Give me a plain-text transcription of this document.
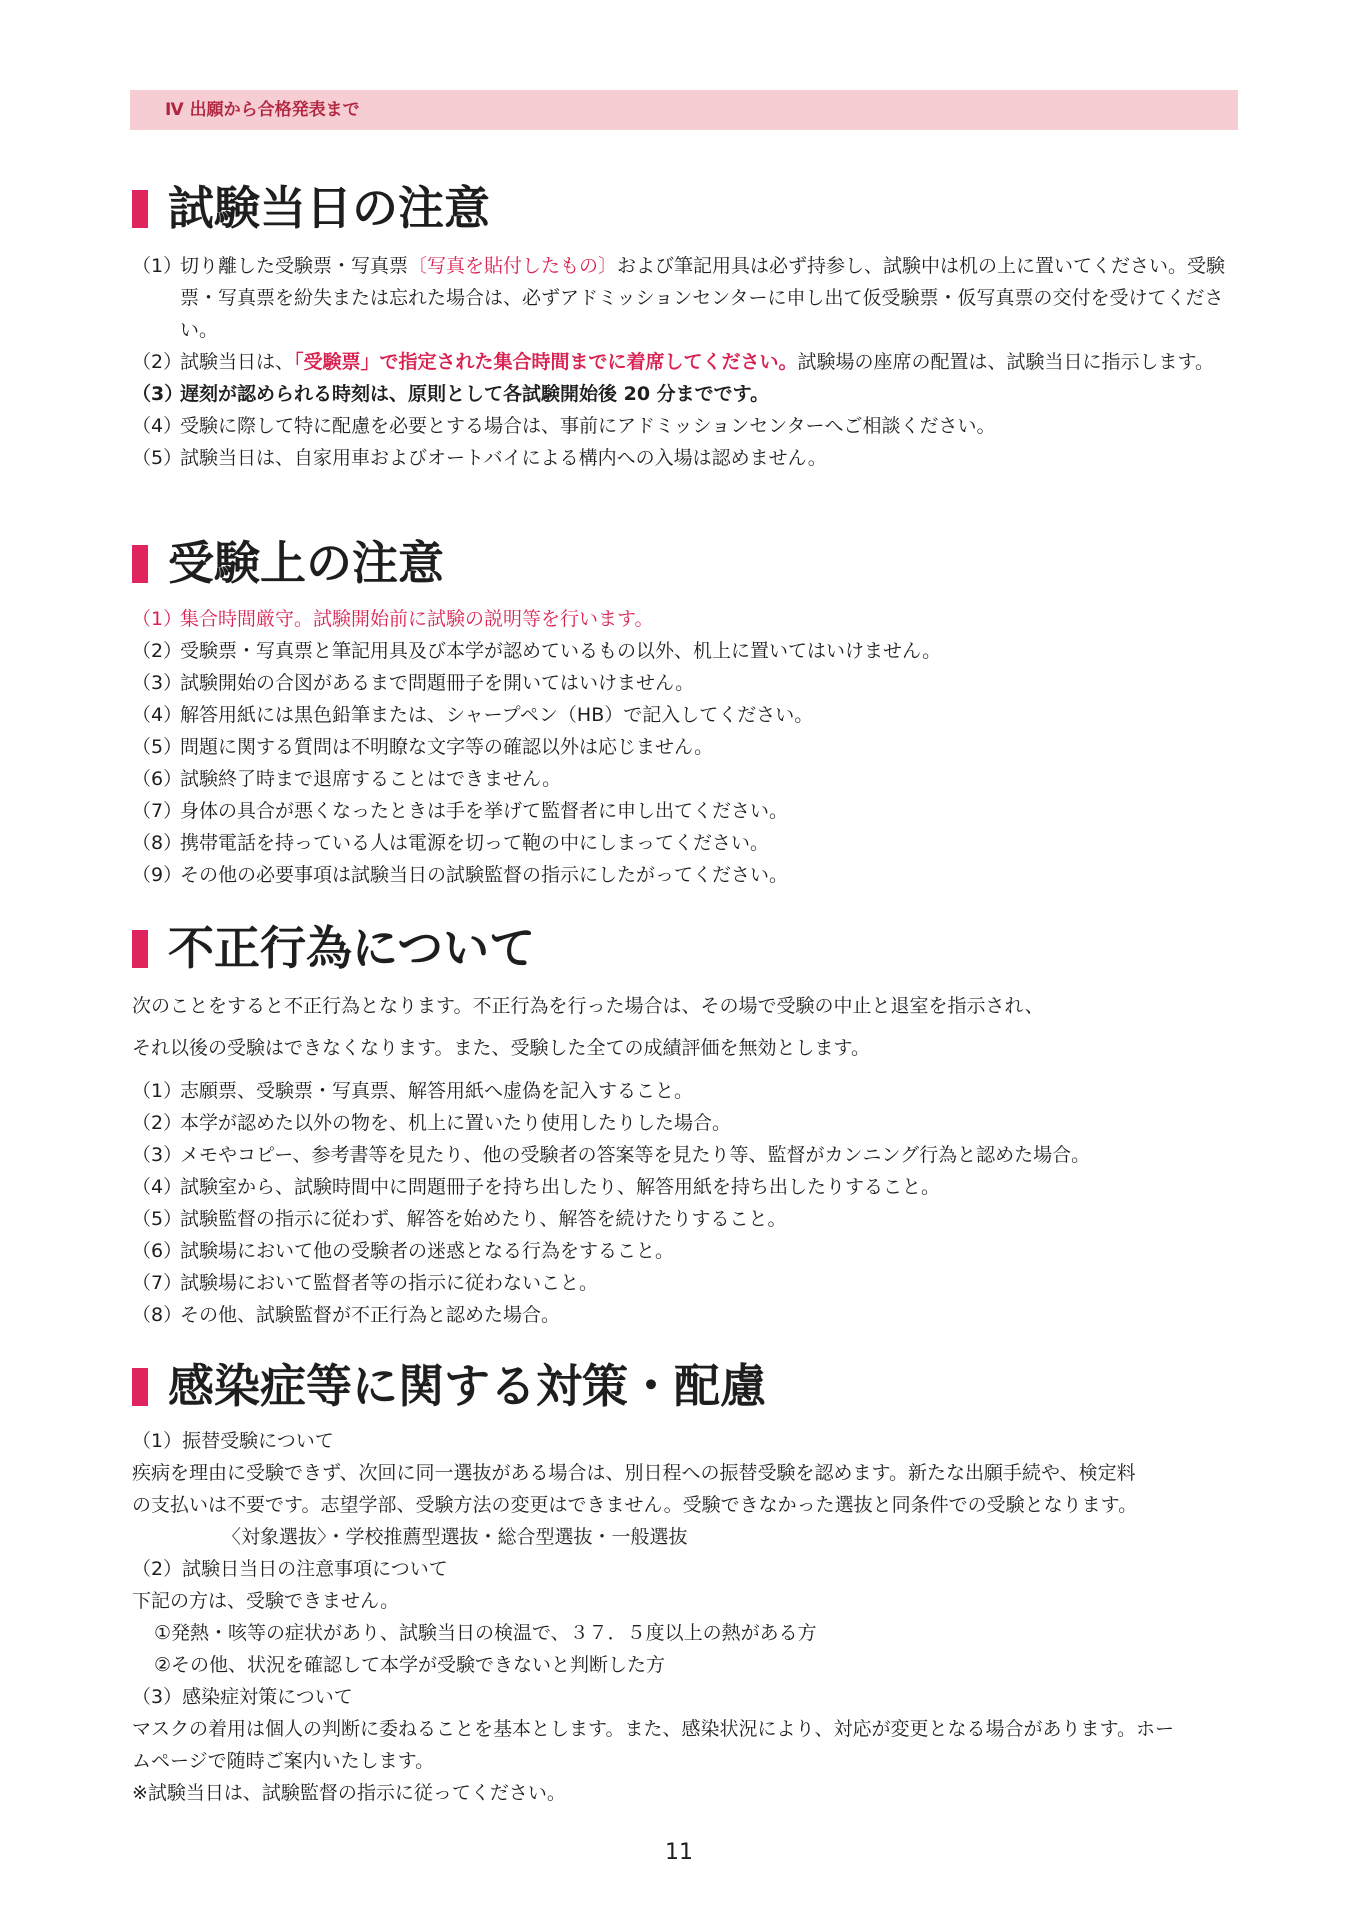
Ⅳ 出願から合格発表まで
試験当日の注意
（1）
切り離した受験票・写真票〔写真を貼付したもの〕および筆記用具は必ず持参し、試験中は机の上に置いてください。受験票・写真票を紛失または忘れた場合は、必ずアドミッションセンターに申し出て仮受験票・仮写真票の交付を受けてください。
（2）
試験当日は、「受験票」で指定された集合時間までに着席してください。試験場の座席の配置は、試験当日に指示します。
（3）
遅刻が認められる時刻は、原則として各試験開始後 20 分までです。
（4）
受験に際して特に配慮を必要とする場合は、事前にアドミッションセンターへご相談ください。
（5）
試験当日は、自家用車およびオートバイによる構内への入場は認めません。
受験上の注意
（1）
集合時間厳守。試験開始前に試験の説明等を行います。
（2）
受験票・写真票と筆記用具及び本学が認めているもの以外、机上に置いてはいけません。
（3）
試験開始の合図があるまで問題冊子を開いてはいけません。
（4）
解答用紙には黒色鉛筆または、シャープペン（HB）で記入してください。
（5）
問題に関する質問は不明瞭な文字等の確認以外は応じません。
（6）
試験終了時まで退席することはできません。
（7）
身体の具合が悪くなったときは手を挙げて監督者に申し出てください。
（8）
携帯電話を持っている人は電源を切って鞄の中にしまってください。
（9）
その他の必要事項は試験当日の試験監督の指示にしたがってください。
不正行為について
次のことをすると不正行為となります。不正行為を行った場合は、その場で受験の中止と退室を指示され、
それ以後の受験はできなくなります。また、受験した全ての成績評価を無効とします。
（1）
志願票、受験票・写真票、解答用紙へ虚偽を記入すること。
（2）
本学が認めた以外の物を、机上に置いたり使用したりした場合。
（3）
メモやコピー、参考書等を見たり、他の受験者の答案等を見たり等、監督がカンニング行為と認めた場合。
（4）
試験室から、試験時間中に問題冊子を持ち出したり、解答用紙を持ち出したりすること。
（5）
試験監督の指示に従わず、解答を始めたり、解答を続けたりすること。
（6）
試験場において他の受験者の迷惑となる行為をすること。
（7）
試験場において監督者等の指示に従わないこと。
（8）
その他、試験監督が不正行為と認めた場合。
感染症等に関する対策・配慮
（1）振替受験について
疾病を理由に受験できず、次回に同一選抜がある場合は、別日程への振替受験を認めます。新たな出願手続や、検定料
の支払いは不要です。志望学部、受験方法の変更はできません。受験できなかった選抜と同条件での受験となります。
〈対象選抜〉・学校推薦型選抜・総合型選抜・一般選抜
（2）試験日当日の注意事項について
下記の方は、受験できません。
①発熱・咳等の症状があり、試験当日の検温で、３７．５度以上の熱がある方
②その他、状況を確認して本学が受験できないと判断した方
（3）感染症対策について
マスクの着用は個人の判断に委ねることを基本とします。また、感染状況により、対応が変更となる場合があります。ホー
ムページで随時ご案内いたします。
※試験当日は、試験監督の指示に従ってください。
11
